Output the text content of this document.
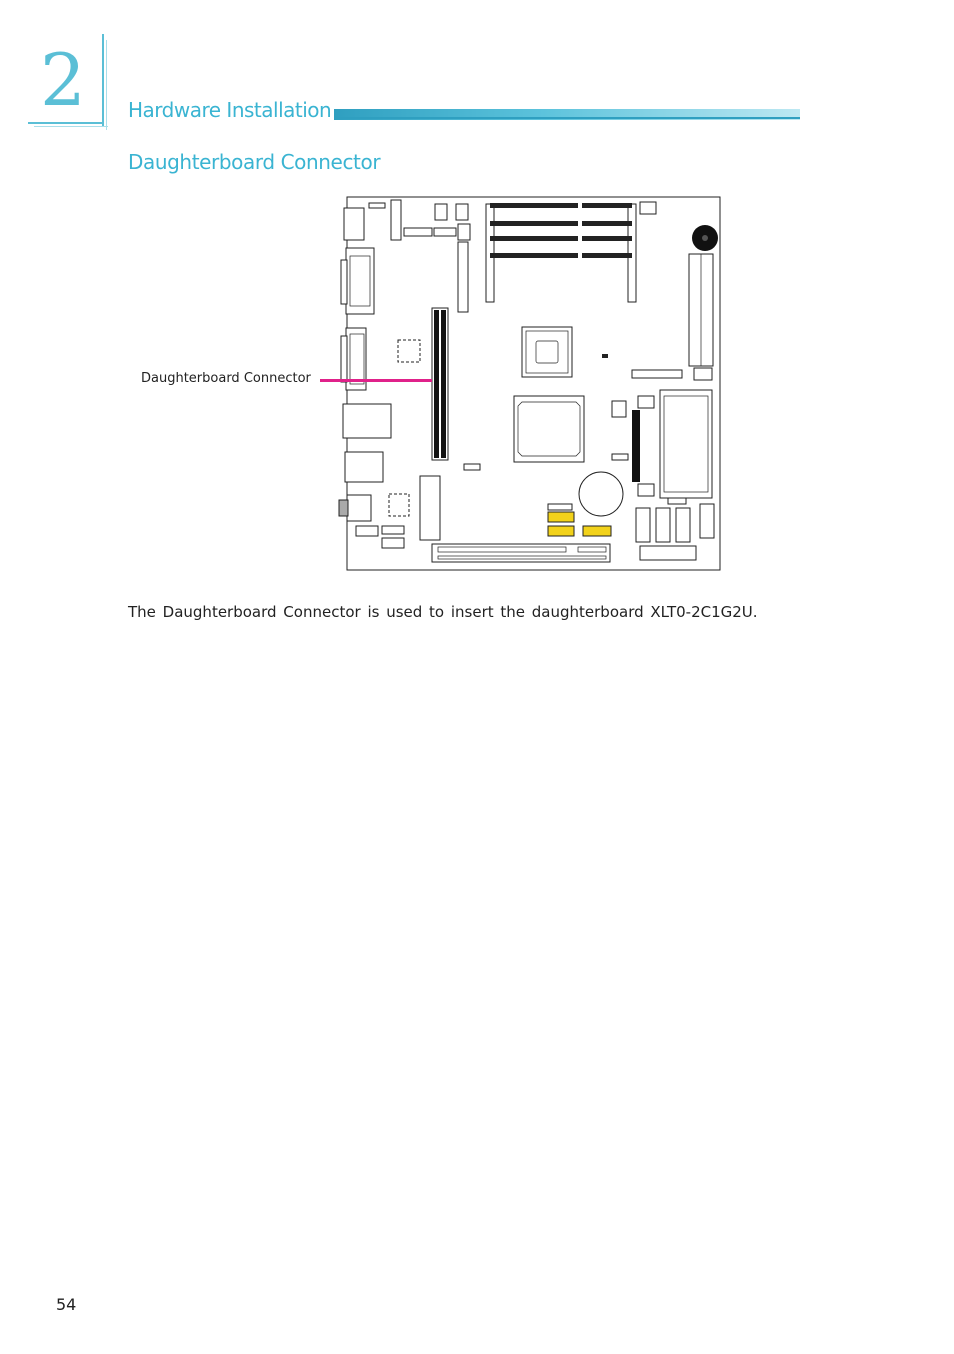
2 Hardware Installation
Daughterboard Connector
Daughterboard Connector
The Daughterboard Connector is used to insert the daughterboard XLT0-2C1G2U.
54
